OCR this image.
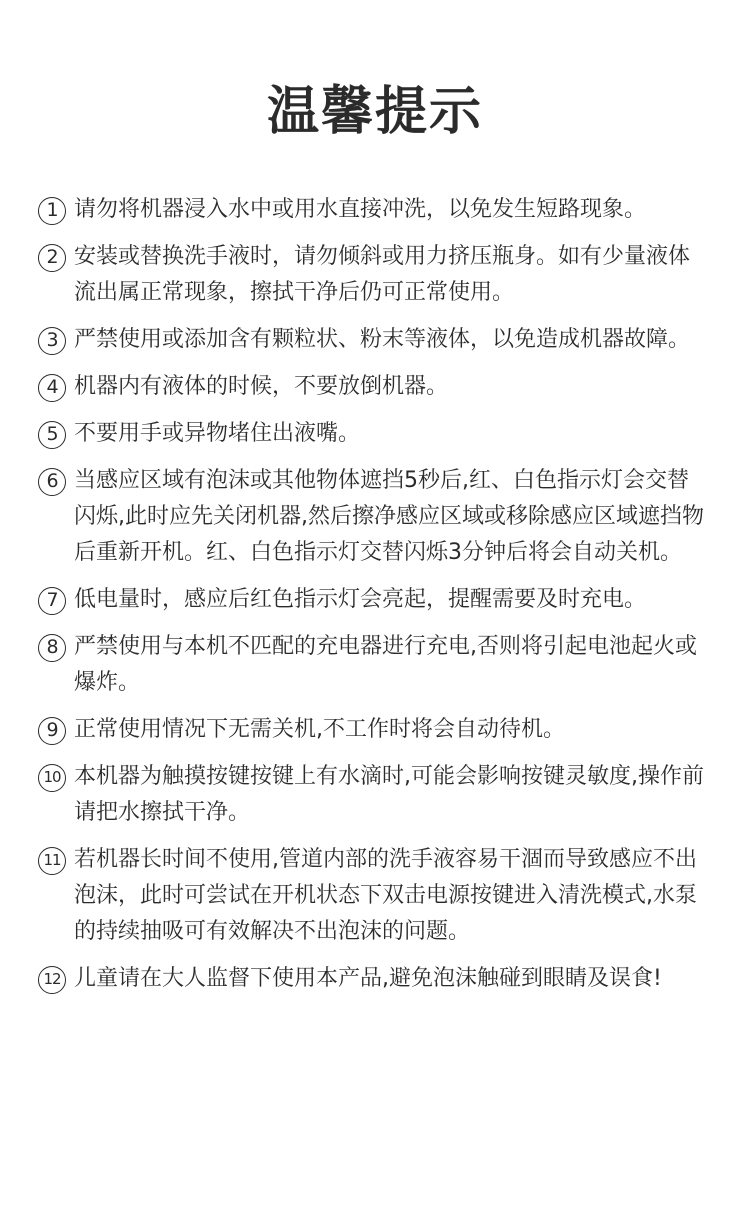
温馨提示
1 请勿将机器浸入水中或用水直接冲洗，以免发生短路现象。
2 安装或替换洗手液时，请勿倾斜或用力挤压瓶身。如有少量液体流出属正常现象，擦拭干净后仍可正常使用。
3 严禁使用或添加含有颗粒状、粉末等液体，以免造成机器故障。
4 机器内有液体的时候，不要放倒机器。
5 不要用手或异物堵住出液嘴。
6 当感应区域有泡沫或其他物体遮挡5秒后,红、白色指示灯会交替闪烁,此时应先关闭机器,然后擦净感应区域或移除感应区域遮挡物后重新开机。红、白色指示灯交替闪烁3分钟后将会自动关机。
7 低电量时，感应后红色指示灯会亮起，提醒需要及时充电。
8 严禁使用与本机不匹配的充电器进行充电,否则将引起电池起火或爆炸。
9 正常使用情况下无需关机,不工作时将会自动待机。
10 本机器为触摸按键按键上有水滴时,可能会影响按键灵敏度,操作前请把水擦拭干净。
11 若机器长时间不使用,管道内部的洗手液容易干涸而导致感应不出泡沫，此时可尝试在开机状态下双击电源按键进入清洗模式,水泵的持续抽吸可有效解决不出泡沫的问题。
12 儿童请在大人监督下使用本产品,避免泡沫触碰到眼睛及误食!
